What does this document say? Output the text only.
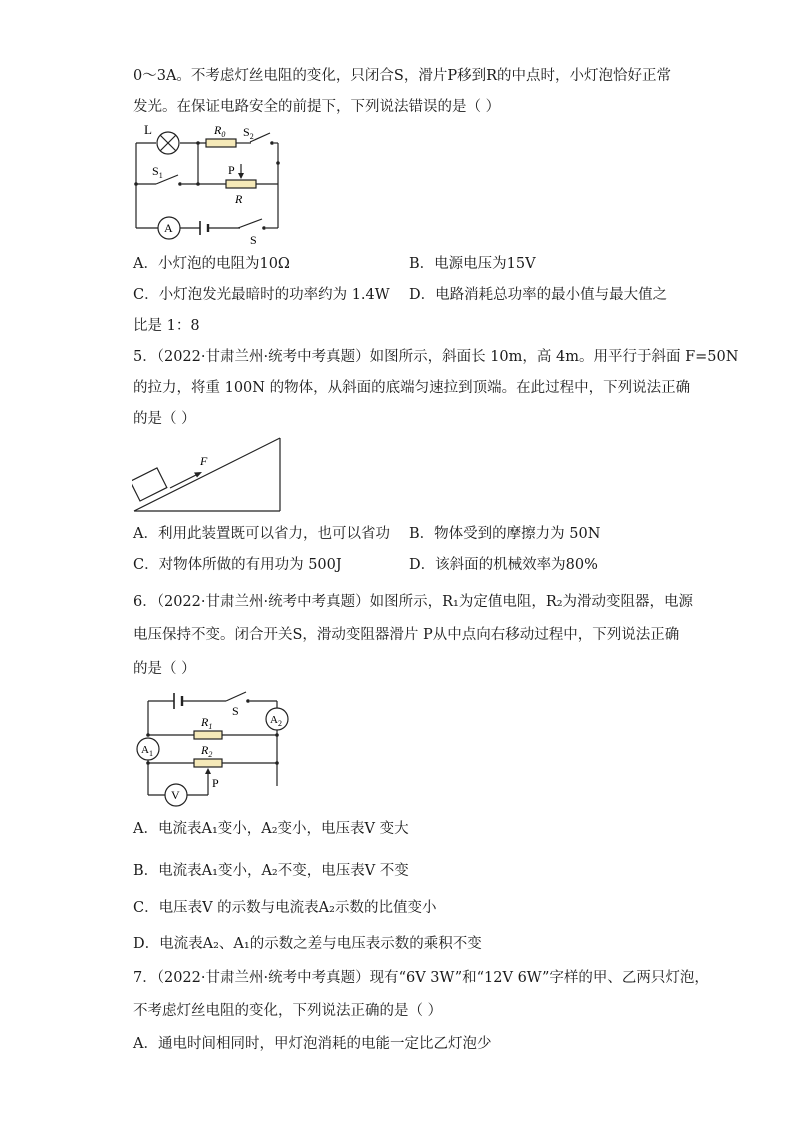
0～3A。不考虑灯丝电阻的变化，只闭合S，滑片P移到R的中点时，小灯泡恰好正常
发光。在保证电路安全的前提下，下列说法错误的是（ ）
L	$R_0$ $S_2$
$S_1$	P
R
A
S
A．小灯泡的电阻为10Ω	B．电源电压为15V
C．小灯泡发光最暗时的功率约为 1.4W D．电路消耗总功率的最小值与最大值之
比是 1：8
5．（2022·甘肃兰州·统考中考真题）如图所示，斜面长 10m，高 4m。用平行于斜面 F=50N
的拉力，将重 100N 的物体，从斜面的底端匀速拉到顶端。在此过程中，下列说法正确
的是（ ）
F
A．利用此装置既可以省力，也可以省功 B．物体受到的摩擦力为 50N
C．对物体所做的有用功为 500J	D．该斜面的机械效率为80%
6．（2022·甘肃兰州·统考中考真题）如图所示，R₁为定值电阻，R₂为滑动变阻器，电源
电压保持不变。闭合开关S，滑动变阻器滑片 P从中点向右移动过程中，下列说法正确
的是（ ）
S
$A_2$
$R_1$
$A_1$	$R_2$
P
V
A．电流表A₁变小，A₂变小，电压表V 变大
B．电流表A₁变小，A₂不变，电压表V 不变
C．电压表V 的示数与电流表A₂示数的比值变小
D．电流表A₂、A₁的示数之差与电压表示数的乘积不变
7．（2022·甘肃兰州·统考中考真题）现有“6V 3W”和“12V 6W”字样的甲、乙两只灯泡，
不考虑灯丝电阻的变化，下列说法正确的是（ ）
A．通电时间相同时，甲灯泡消耗的电能一定比乙灯泡少
